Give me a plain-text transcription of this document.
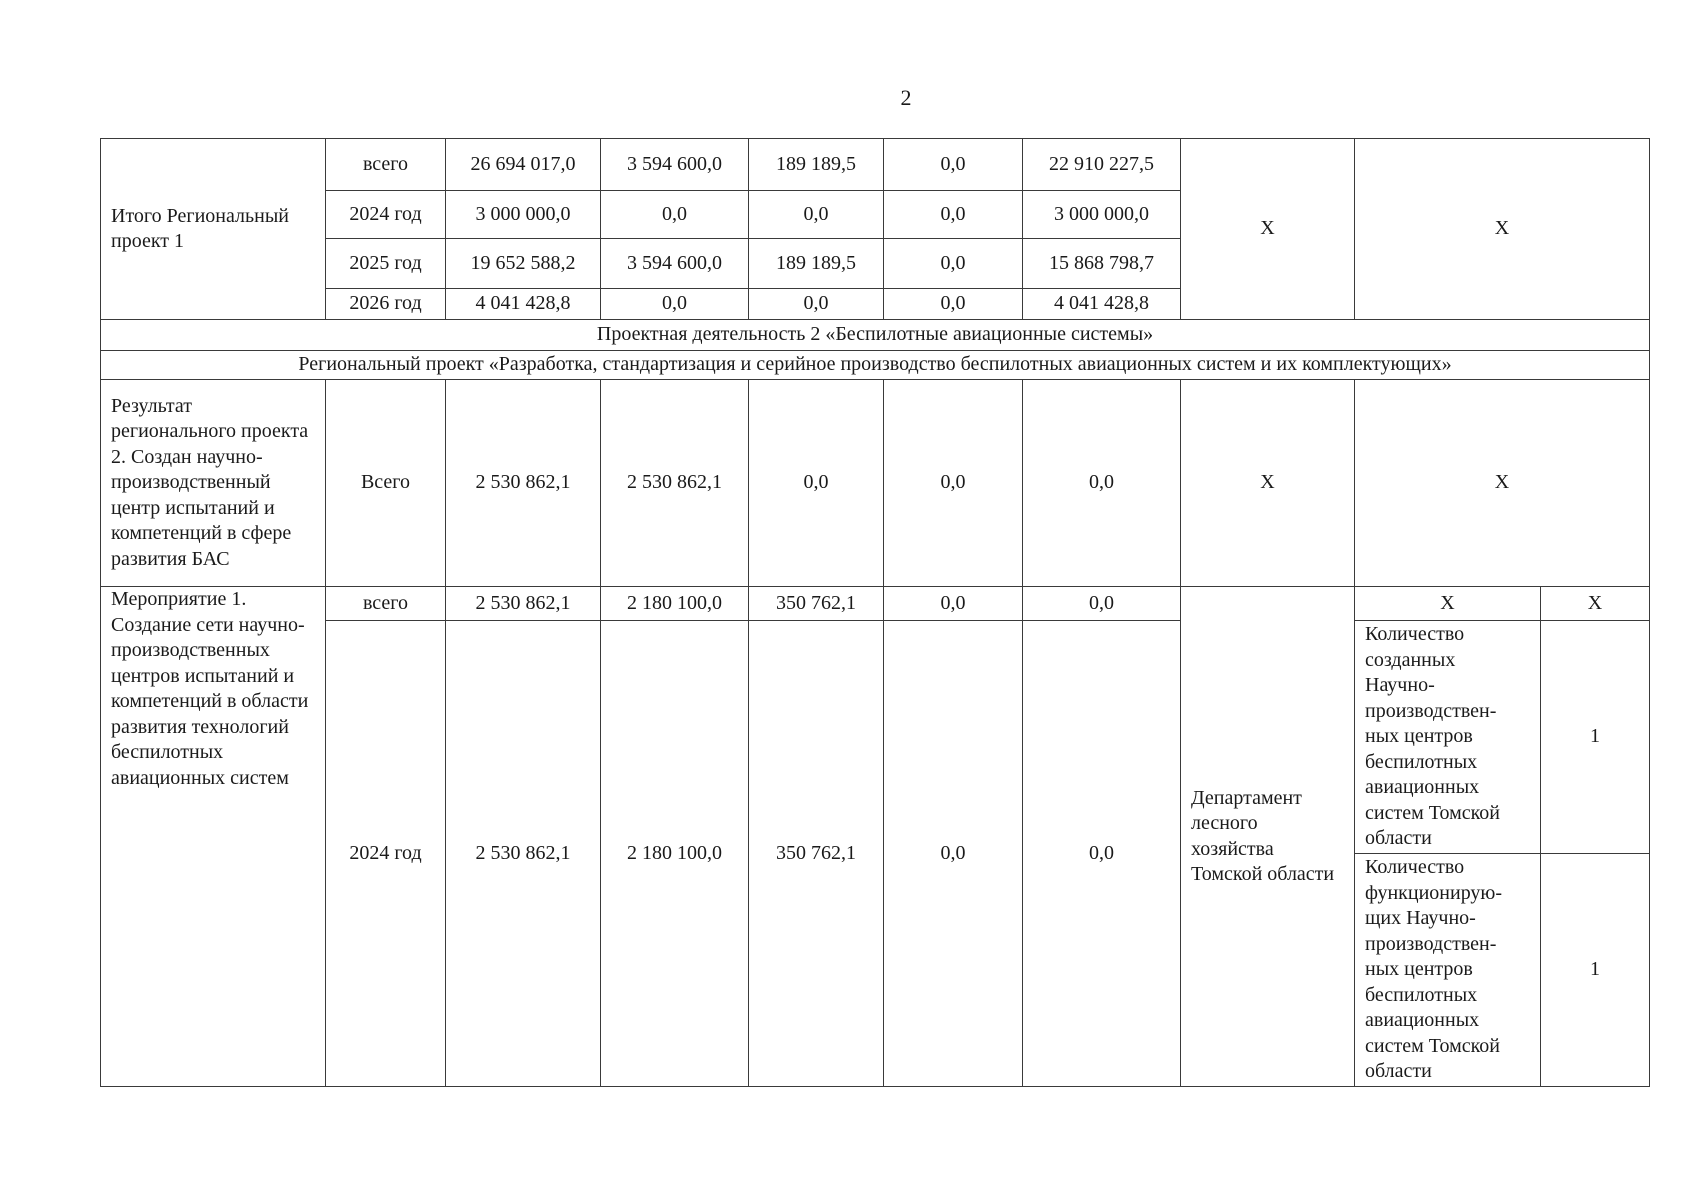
2
Итого Региональный проект 1	всего	26 694 017,0	3 594 600,0	189 189,5	0,0	22 910 227,5	Х	Х	
	2024 год	3 000 000,0	0,0	0,0	0,0	3 000 000,0			
	2025 год	19 652 588,2	3 594 600,0	189 189,5	0,0	15 868 798,7			
	2026 год	4 041 428,8	0,0	0,0	0,0	4 041 428,8			
Проектная деятельность 2 «Беспилотные авиационные системы»									
Региональный проект «Разработка, стандартизация и серийное производство беспилотных авиационных систем и их комплектующих»									
Результат регионального проекта 2. Создан научно-производственный центр испытаний и компетенций в сфере развития БАС	Всего	2 530 862,1	2 530 862,1	0,0	0,0	0,0	Х	Х	
Мероприятие 1. Создание сети научно-производственных центров испытаний и компетенций в области развития технологий беспилотных авиационных систем	всего	2 530 862,1	2 180 100,0	350 762,1	0,0	0,0	Департамент лесного хозяйства Томской области	Х	Х
	2024 год	2 530 862,1	2 180 100,0	350 762,1	0,0	0,0		Количество созданных Научно-производствен-ных центров беспилотных авиационных систем Томской области	1
								Количество функционирую-щих Научно-производствен-ных центров беспилотных авиационных систем Томской области	1
